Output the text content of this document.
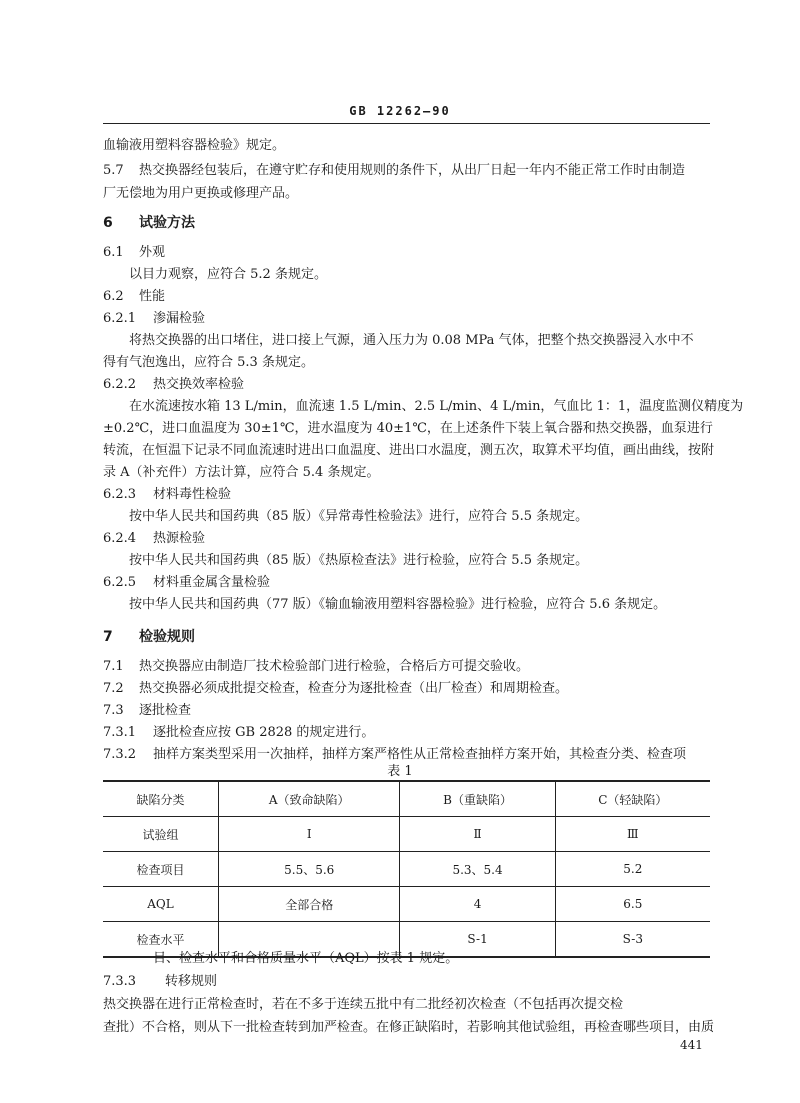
GB 12262—90
血输液用塑料容器检验》规定。
5.7 热交换器经包装后，在遵守贮存和使用规则的条件下，从出厂日起一年内不能正常工作时由制造
厂无偿地为用户更换或修理产品。
6 试验方法
6.1 外观
以目力观察，应符合 5.2 条规定。
6.2 性能
6.2.1 渗漏检验
将热交换器的出口堵住，进口接上气源，通入压力为 0.08 MPa 气体，把整个热交换器浸入水中不
得有气泡逸出，应符合 5.3 条规定。
6.2.2 热交换效率检验
在水流速按水箱 13 L/min，血流速 1.5 L/min、2.5 L/min、4 L/min，气血比 1：1，温度监测仪精度为
±0.2℃，进口血温度为 30±1℃，进水温度为 40±1℃，在上述条件下装上氧合器和热交换器，血泵进行
转流，在恒温下记录不同血流速时进出口血温度、进出口水温度，测五次，取算术平均值，画出曲线，按附
录 A（补充件）方法计算，应符合 5.4 条规定。
6.2.3 材料毒性检验
按中华人民共和国药典（85 版）《异常毒性检验法》进行，应符合 5.5 条规定。
6.2.4 热源检验
按中华人民共和国药典（85 版）《热原检查法》进行检验，应符合 5.5 条规定。
6.2.5 材料重金属含量检验
按中华人民共和国药典（77 版）《输血输液用塑料容器检验》进行检验，应符合 5.6 条规定。
7 检验规则
7.1 热交换器应由制造厂技术检验部门进行检验，合格后方可提交验收。
7.2 热交换器必须成批提交检查，检查分为逐批检查（出厂检查）和周期检查。
7.3 逐批检查
7.3.1 逐批检查应按 GB 2828 的规定进行。
7.3.2 抽样方案类型采用一次抽样，抽样方案严格性从正常检查抽样方案开始，其检查分类、检查项
表 1
缺陷分类	A（致命缺陷）	B（重缺陷）	C（轻缺陷）
试验组	Ⅰ	Ⅱ	Ⅲ
检查项目	5.5、5.6	5.3、5.4	5.2
AQL	全部合格	4	6.5
检查水平		S-1	S-3
目、检查水平和合格质量水平（AQL）按表 1 规定。
7.3.3 转移规则
热交换器在进行正常检查时，若在不多于连续五批中有二批经初次检查（不包括再次提交检
查批）不合格，则从下一批检查转到加严检查。在修正缺陷时，若影响其他试验组，再检查哪些项目，由质
441
